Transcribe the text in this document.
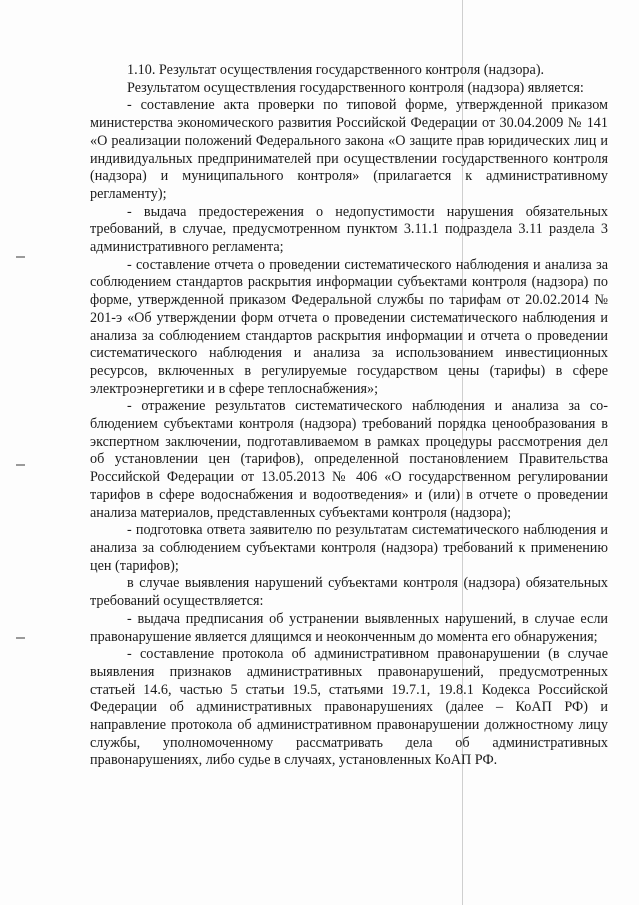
1.10. Результат осуществления государственного контроля (надзора).

Результатом осуществления государственного контроля (надзора) является:

- составление акта проверки по типовой форме, утвержденной приказом министерства экономического развития Российской Федерации от 30.04.2009 № 141 «О реализации положений Федерального закона «О защите прав юридических лиц и индивидуальных предпринимателей при осуществлении государственного контроля (надзора) и муниципального контроля» (прилагается к административному регламенту);

- выдача предостережения о недопустимости нарушения обязательных требований, в случае, предусмотренном пунктом 3.11.1 подраздела 3.11 раздела 3 административного регламента;

- составление отчета о проведении систематического наблюдения и анализа за соблюдением стандартов раскрытия информации субъектами контроля (надзора) по форме, утвержденной приказом Федеральной службы по тарифам от 20.02.2014 № 201-э «Об утверждении форм отчета о проведении систематического наблюдения и анализа за соблюдением стандартов раскрытия информации и отчета о проведении систематического наблюдения и анализа за использованием инвестиционных ресурсов, включенных в регулируемые государством цены (тарифы) в сфере электроэнергетики и в сфере теплоснабжения»;

- отражение результатов систематического наблюдения и анализа за соблюдением субъектами контроля (надзора) требований порядка ценообразования в экспертном заключении, подготавливаемом в рамках процедуры рассмотрения дел об установлении цен (тарифов), определенной постановлением Правительства Российской Федерации от 13.05.2013 № 406 «О государственном регулировании тарифов в сфере водоснабжения и водоотведения» и (или) в отчете о проведении анализа материалов, представленных субъектами контроля (надзора);

- подготовка ответа заявителю по результатам систематического наблюдения и анализа за соблюдением субъектами контроля (надзора) требований к применению цен (тарифов);

в случае выявления нарушений субъектами контроля (надзора) обязательных требований осуществляется:

- выдача предписания об устранении выявленных нарушений, в случае если правонарушение является длящимся и неоконченным до момента его обнаружения;

- составление протокола об административном правонарушении (в случае выявления признаков административных правонарушений, предусмотренных статьей 14.6, частью 5 статьи 19.5, статьями 19.7.1, 19.8.1 Кодекса Российской Федерации об административных правонарушениях (далее – КоАП РФ) и направление протокола об административном правонарушении должностному лицу службы, уполномоченному рассматривать дела об административных правонарушениях, либо судье в случаях, установленных КоАП РФ.
